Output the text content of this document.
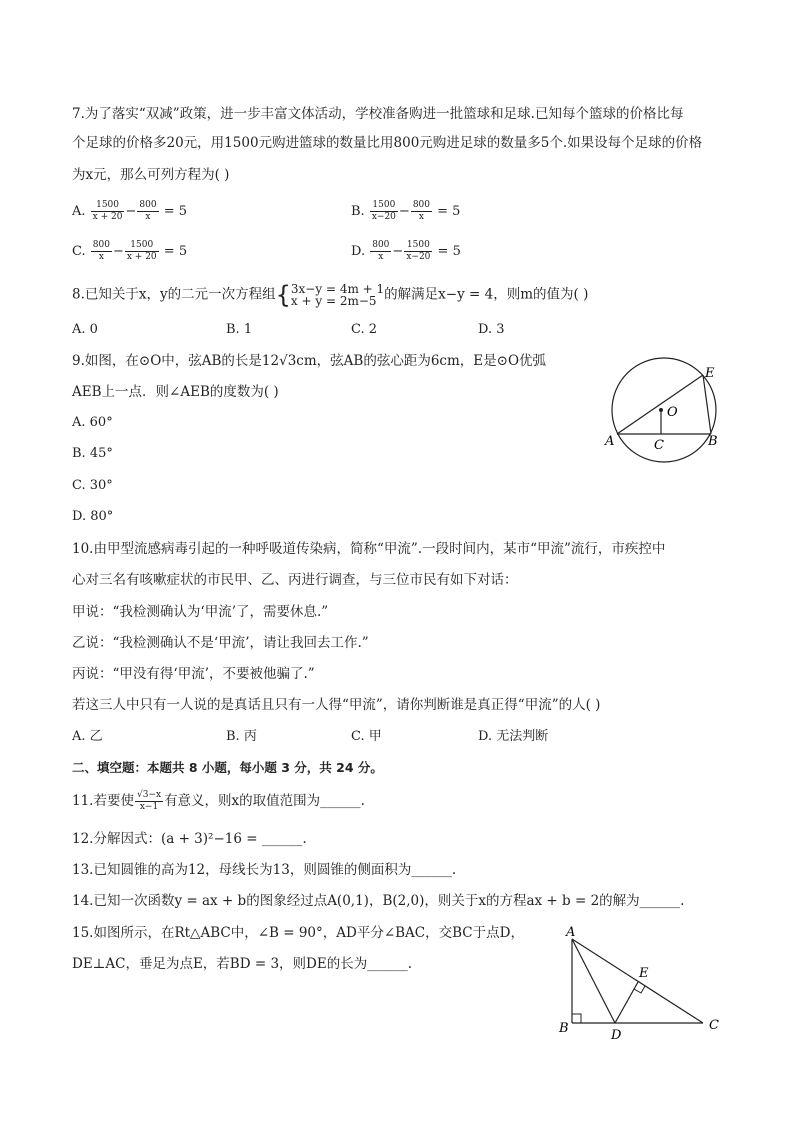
7.为了落实“双减”政策，进一步丰富文体活动，学校准备购进一批篮球和足球.已知每个篮球的价格比每
个足球的价格多20元，用1500元购进篮球的数量比用800元购进足球的数量多5个.如果设每个足球的价格
为x元，那么可列方程为( )
A. $\frac{1500}{x + 20} - \frac{800}{x} = 5$	B. $\frac{1500}{x-20} - \frac{800}{x} = 5$
C. $\frac{800}{x} - \frac{1500}{x + 20} = 5$	D. $\frac{800}{x} - \frac{1500}{x-20} = 5$
8.已知关于x，y的二元一次方程组{ 3x−y = 4m + 1
x + y = 2m−5 的解满足x−y = 4，则m的值为( )
A. 0	B. 1	C. 2	D. 3
9.如图，在⊙O中，弦AB的长是12√3cm，弦AB的弦心距为6cm，E是⊙O优弧
AEB上一点．则∠AEB的度数为( )
A. 60°
B. 45°
C. 30°
D. 80°
A	C	B
O
E
10.由甲型流感病毒引起的一种呼吸道传染病，简称“甲流”.一段时间内，某市“甲流”流行，市疾控中
心对三名有咳嗽症状的市民甲、乙、丙进行调查，与三位市民有如下对话：
甲说：“我检测确认为‘甲流’了，需要休息.”
乙说：“我检测确认不是‘甲流’，请让我回去工作.”
丙说：“甲没有得‘甲流’，不要被他骗了.”
若这三人中只有一人说的是真话且只有一人得“甲流”，请你判断谁是真正得“甲流”的人( )
A. 乙	B. 丙	C. 甲	D. 无法判断
二、填空题：本题共 8 小题，每小题 3 分，共 24 分。
11.若要使 $\frac{√3-x}{x-1}$ 有意义，则x的取值范围为______.
12.分解因式：(a + 3)²−16 = ______.
13.已知圆锥的高为12，母线长为13，则圆锥的侧面积为______.
14.已知一次函数y = ax + b的图象经过点A(0,1)，B(2,0)，则关于x的方程ax + b = 2的解为______.
15.如图所示，在Rt△ABC中，∠B = 90°，AD平分∠BAC，交BC于点D，
DE⊥AC，垂足为点E，若BD = 3，则DE的长为______.
A
B	D
C
E
